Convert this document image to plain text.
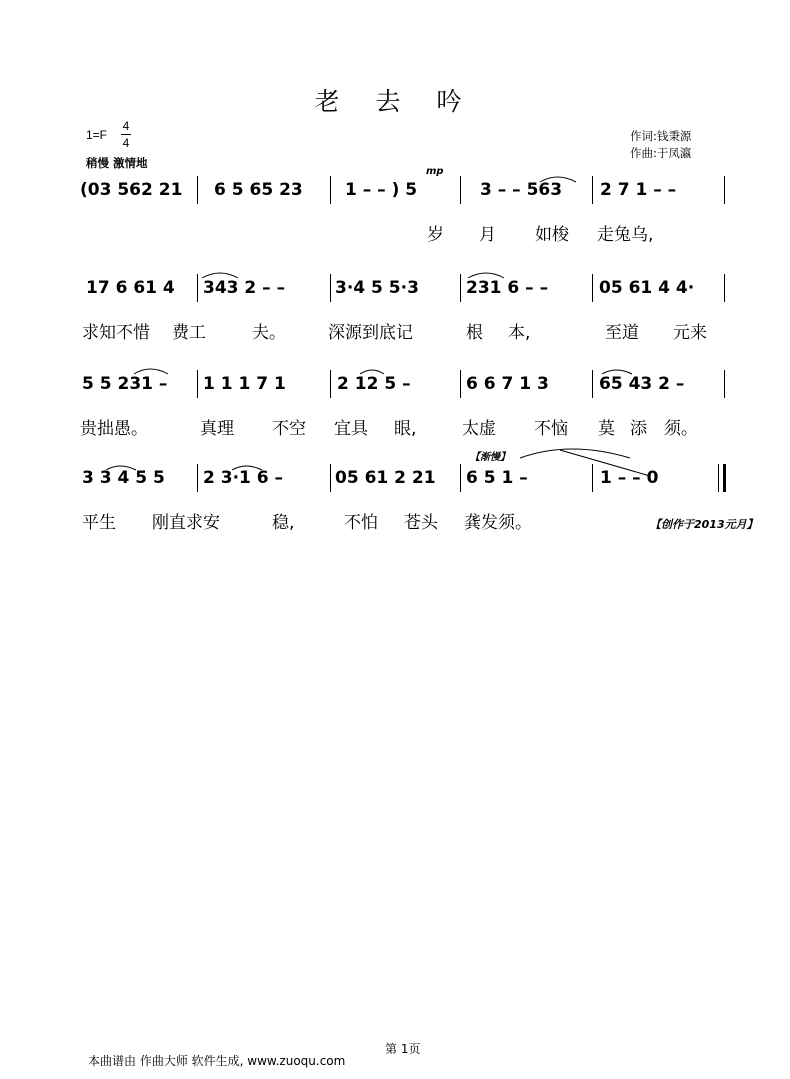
老 去 吟
1=F
4
4
稍慢 激情地
作词:钱秉源
作曲:于凤瀛
mp
(03 562 21 6 5 65 23 1 – – ) 5	3 – – 563 2 7 1 – –
岁 月 如梭 走兔乌,
17 6 61 4 343 2 – –	3·4 5 5·3	231 6 – –	05 61 4 4·
求知不惜 费工	夫。 深源到底记	根 本,	至道 元来
5 5 231 – 1 1 1 7 1	2 12 5 –	6 6 7 1 3	65 43 2 –
贵拙愚。	真理 不空 宜具 眼,	太虚 不恼 莫 添 须。
【渐慢】
3 3 4 5 5 2 3·1 6 –	05 61 2 21 6 5 1 –	1 – – 0
平生 刚直求安	稳,	不怕 苍头 龚发须。	【创作于2013元月】
第 1页
本曲谱由 作曲大师 软件生成, www.zuoqu.com
